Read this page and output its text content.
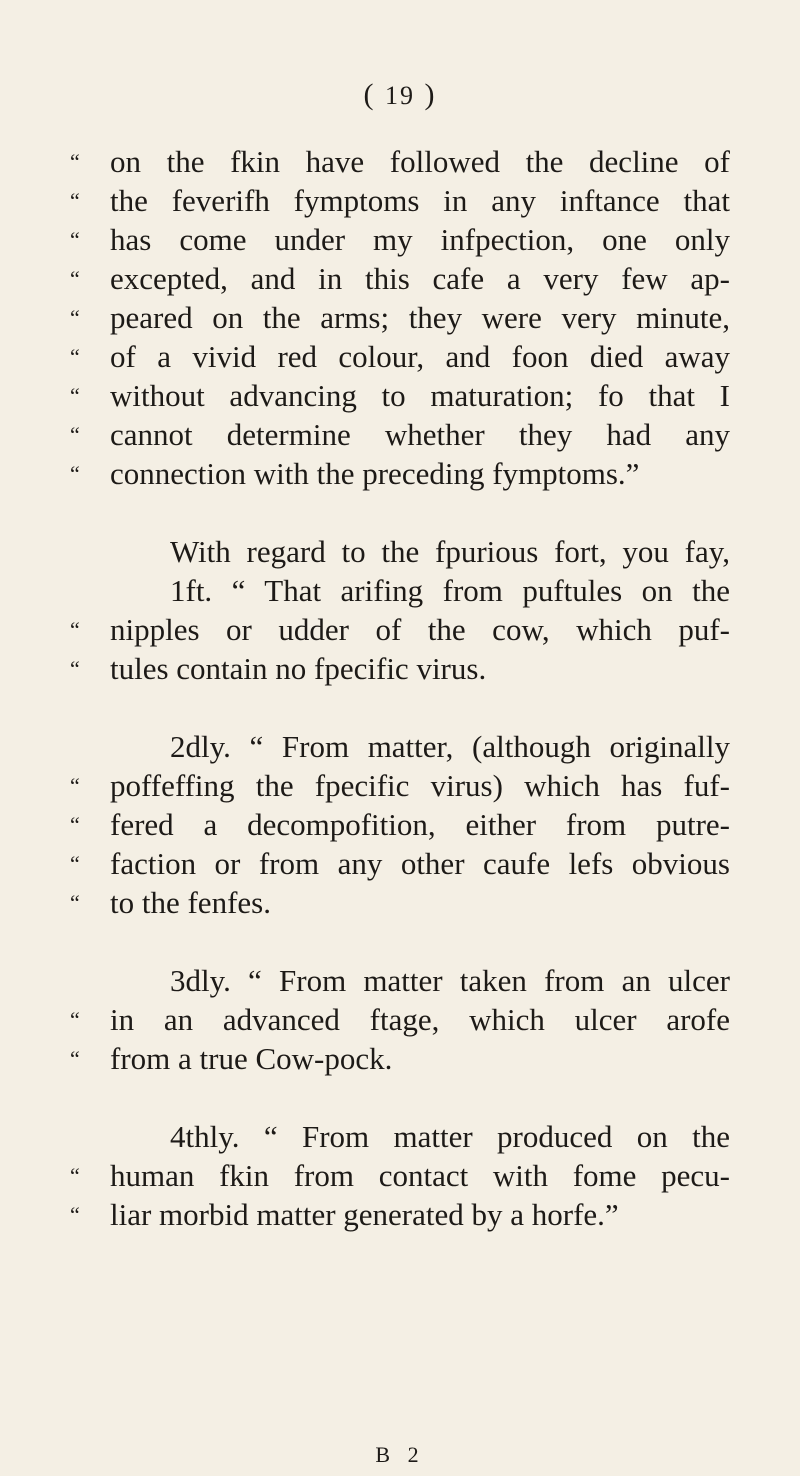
( 19 )
“ on the fkin have followed the decline of
“ the feverifh fymptoms in any inftance that
“ has come under my infpection, one only
“ excepted, and in this cafe a very few ap-
“ peared on the arms; they were very minute,
“ of a vivid red colour, and foon died away
“ without advancing to maturation; fo that I
“ cannot determine whether they had any
“ connection with the preceding fymptoms.”
With regard to the fpurious fort, you fay,
1ft. “ That arifing from puftules on the
“ nipples or udder of the cow, which puf-
“ tules contain no fpecific virus.
2dly. “ From matter, (although originally
“ poffeffing the fpecific virus) which has fuf-
“ fered a decompofition, either from putre-
“ faction or from any other caufe lefs obvious
“ to the fenfes.
3dly. “ From matter taken from an ulcer
“ in an advanced ftage, which ulcer arofe
“ from a true Cow-pock.
4thly. “ From matter produced on the
“ human fkin from contact with fome pecu-
“ liar morbid matter generated by a horfe.”
B 2
